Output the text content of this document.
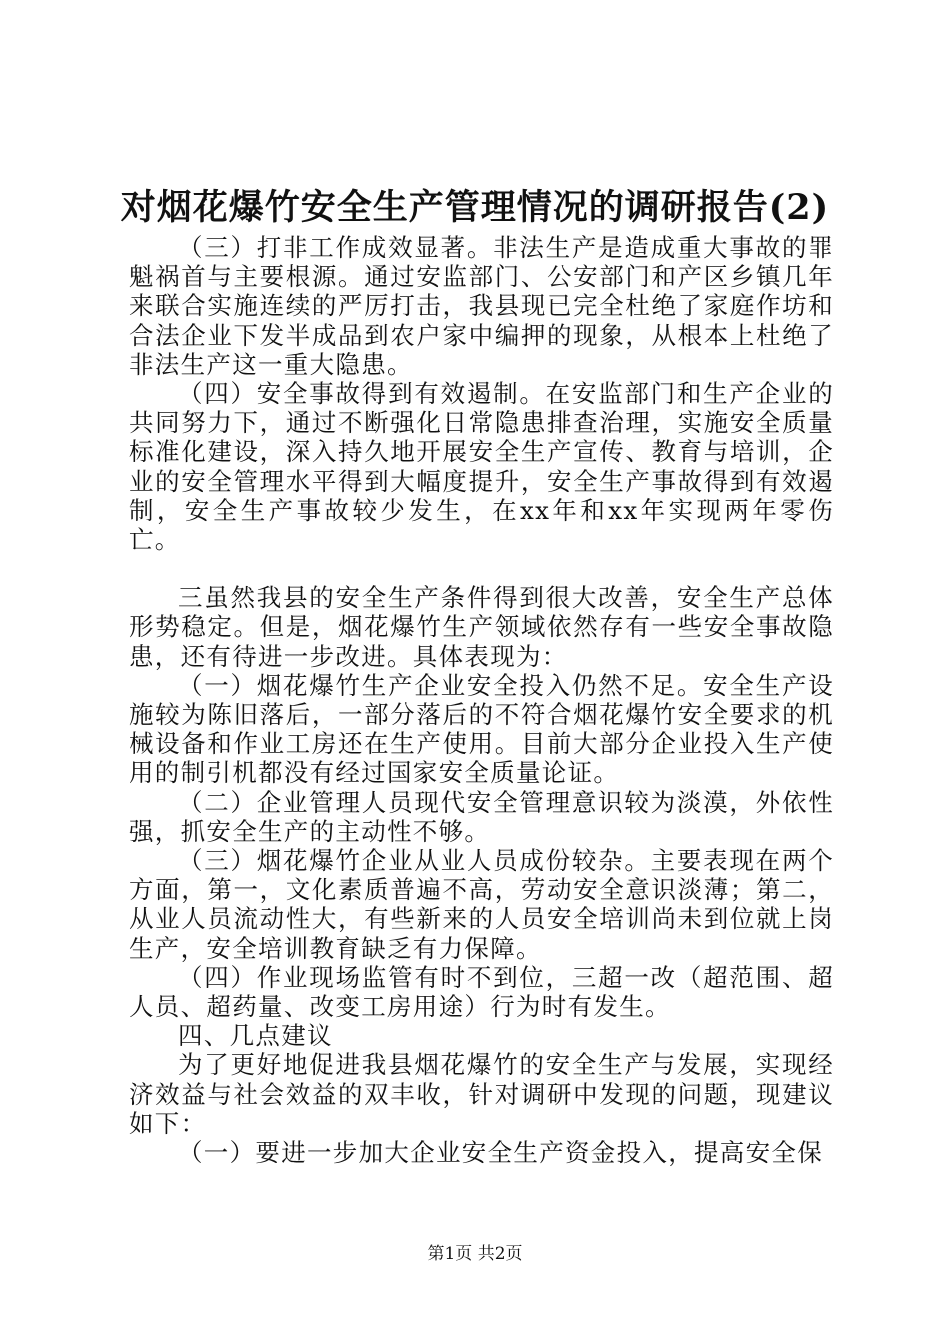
对烟花爆竹安全生产管理情况的调研报告(2)

（三）打非工作成效显著。非法生产是造成重大事故的罪魁祸首与主要根源。通过安监部门、公安部门和产区乡镇几年来联合实施连续的严厉打击，我县现已完全杜绝了家庭作坊和合法企业下发半成品到农户家中编押的现象，从根本上杜绝了非法生产这一重大隐患。

（四）安全事故得到有效遏制。在安监部门和生产企业的共同努力下，通过不断强化日常隐患排查治理，实施安全质量标准化建设，深入持久地开展安全生产宣传、教育与培训，企业的安全管理水平得到大幅度提升，安全生产事故得到有效遏制，安全生产事故较少发生，在xx年和xx年实现两年零伤亡。

三虽然我县的安全生产条件得到很大改善，安全生产总体形势稳定。但是，烟花爆竹生产领域依然存有一些安全事故隐患，还有待进一步改进。具体表现为：

（一）烟花爆竹生产企业安全投入仍然不足。安全生产设施较为陈旧落后，一部分落后的不符合烟花爆竹安全要求的机械设备和作业工房还在生产使用。目前大部分企业投入生产使用的制引机都没有经过国家安全质量论证。

（二）企业管理人员现代安全管理意识较为淡漠，外依性强，抓安全生产的主动性不够。

（三）烟花爆竹企业从业人员成份较杂。主要表现在两个方面，第一，文化素质普遍不高，劳动安全意识淡薄；第二，从业人员流动性大，有些新来的人员安全培训尚未到位就上岗生产，安全培训教育缺乏有力保障。

（四）作业现场监管有时不到位，三超一改（超范围、超人员、超药量、改变工房用途）行为时有发生。

四、几点建议

为了更好地促进我县烟花爆竹的安全生产与发展，实现经济效益与社会效益的双丰收，针对调研中发现的问题，现建议如下：

（一）要进一步加大企业安全生产资金投入，提高安全保

第1页 共2页
